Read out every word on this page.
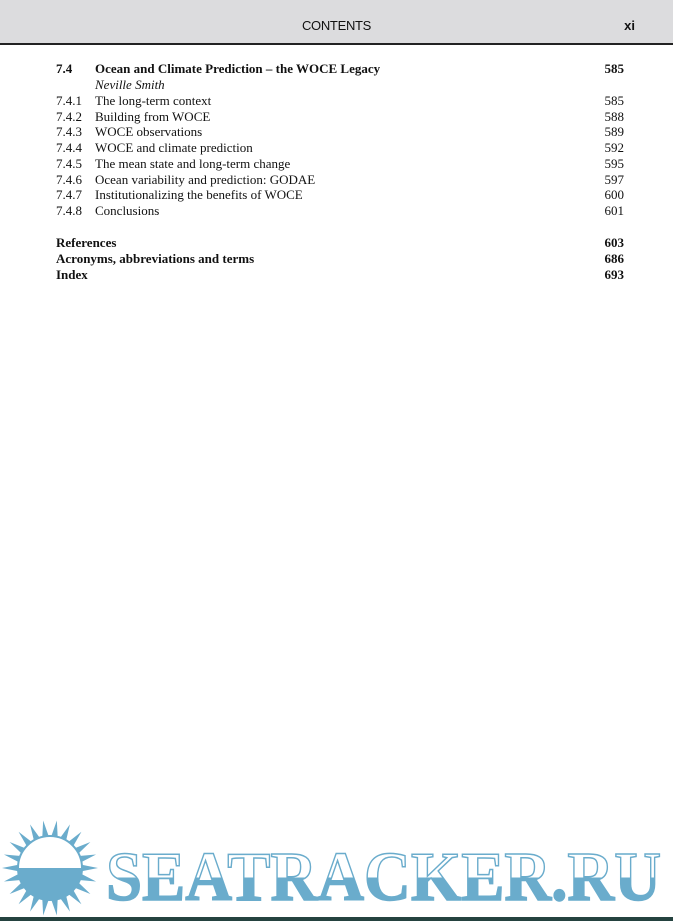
CONTENTS	xi
7.4 Ocean and Climate Prediction – the WOCE Legacy	585
Neville Smith
7.4.1 The long-term context	585
7.4.2 Building from WOCE	588
7.4.3 WOCE observations	589
7.4.4 WOCE and climate prediction	592
7.4.5 The mean state and long-term change	595
7.4.6 Ocean variability and prediction: GODAE	597
7.4.7 Institutionalizing the benefits of WOCE	600
7.4.8 Conclusions	601
References	603
Acronyms, abbreviations and terms	686
Index	693
SEATRACKER.RU
